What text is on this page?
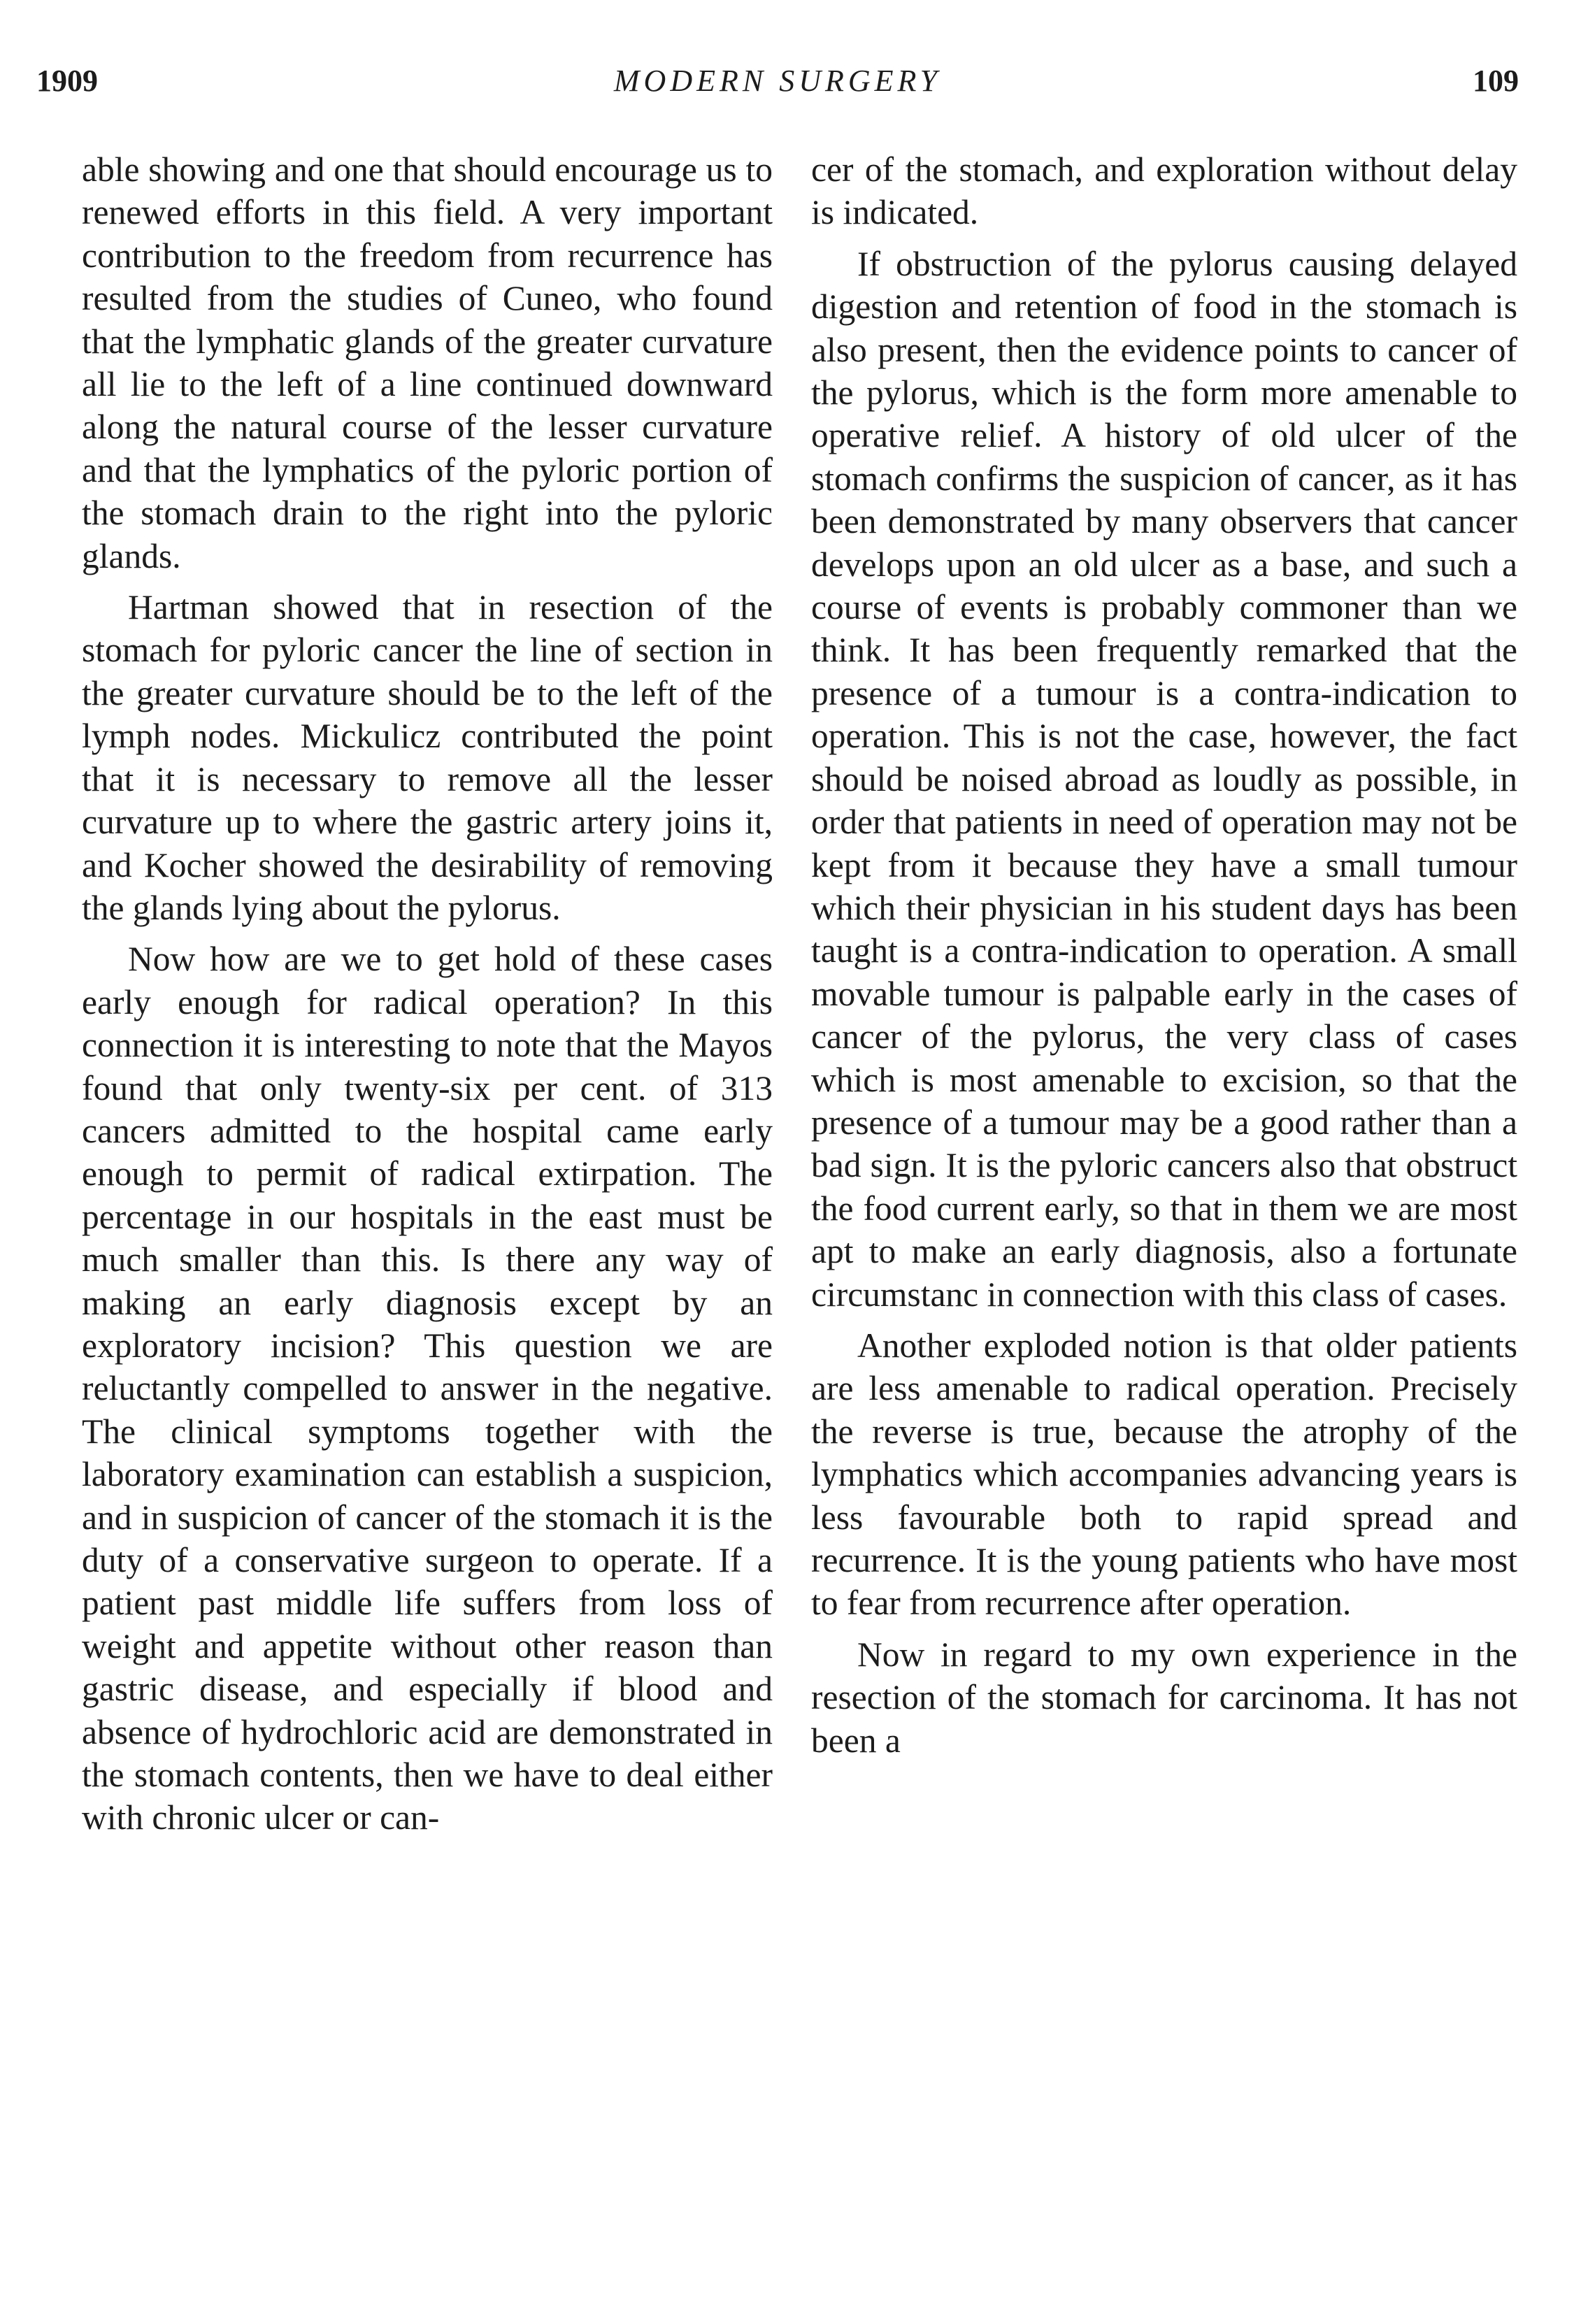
1909	MODERN SURGERY	109

able showing and one that should encourage us to renewed efforts in this field. A very important contribution to the freedom from recurrence has resulted from the studies of Cuneo, who found that the lymphatic glands of the greater curvature all lie to the left of a line continued downward along the natural course of the lesser curvature and that the lymphatics of the pyloric portion of the stomach drain to the right into the pyloric glands.

Hartman showed that in resection of the stomach for pyloric cancer the line of section in the greater curvature should be to the left of the lymph nodes. Mickulicz contributed the point that it is necessary to remove all the lesser curvature up to where the gastric artery joins it, and Kocher showed the desirability of removing the glands lying about the pylorus.

Now how are we to get hold of these cases early enough for radical operation? In this connection it is interesting to note that the Mayos found that only twenty-six per cent. of 313 cancers admitted to the hospital came early enough to permit of radical extirpation. The percentage in our hospitals in the east must be much smaller than this. Is there any way of making an early diagnosis except by an exploratory incision? This question we are reluctantly compelled to answer in the negative. The clinical symptoms together with the laboratory examination can establish a suspicion, and in suspicion of cancer of the stomach it is the duty of a conservative surgeon to operate. If a patient past middle life suffers from loss of weight and appetite without other reason than gastric disease, and especially if blood and absence of hydrochloric acid are demonstrated in the stomach contents, then we have to deal either with chronic ulcer or can-

cer of the stomach, and exploration without delay is indicated.

If obstruction of the pylorus causing delayed digestion and retention of food in the stomach is also present, then the evidence points to cancer of the pylorus, which is the form more amenable to operative relief. A history of old ulcer of the stomach confirms the suspicion of cancer, as it has been demonstrated by many observers that cancer develops upon an old ulcer as a base, and such a course of events is probably commoner than we think. It has been frequently remarked that the presence of a tumour is a contra-indication to operation. This is not the case, however, the fact should be noised abroad as loudly as possible, in order that patients in need of operation may not be kept from it because they have a small tumour which their physician in his student days has been taught is a contra-indication to operation. A small movable tumour is palpable early in the cases of cancer of the pylorus, the very class of cases which is most amenable to excision, so that the presence of a tumour may be a good rather than a bad sign. It is the pyloric cancers also that obstruct the food current early, so that in them we are most apt to make an early diagnosis, also a fortunate circumstanc in connection with this class of cases.

Another exploded notion is that older patients are less amenable to radical operation. Precisely the reverse is true, because the atrophy of the lymphatics which accompanies advancing years is less favourable both to rapid spread and recurrence. It is the young patients who have most to fear from recurrence after operation.

Now in regard to my own experience in the resection of the stomach for carcinoma. It has not been a
